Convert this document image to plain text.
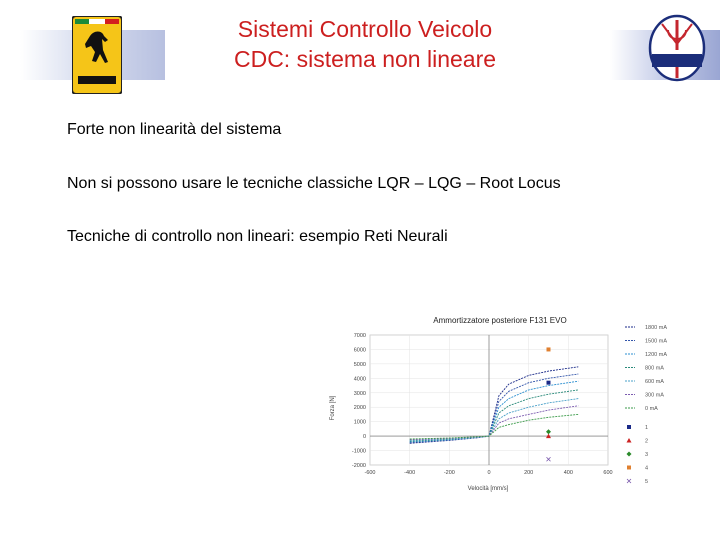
Sistemi Controllo Veicolo
CDC: sistema non lineare
Forte non linearità del sistema
Non si possono usare le tecniche classiche LQR – LQG – Root Locus
Tecniche di controllo non lineari: esempio Reti Neurali
Ammortizzatore posteriore F131 EVO
Forza [N]
Velocità [mm/s]
7000
6000
5000
4000
3000
2000
1000
0
-1000
-2000
-600	-400	-200	0	200	400	600
1800 mA
1500 mA
1200 mA
800 mA
600 mA
300 mA
0 mA
1
2
3
4
5
